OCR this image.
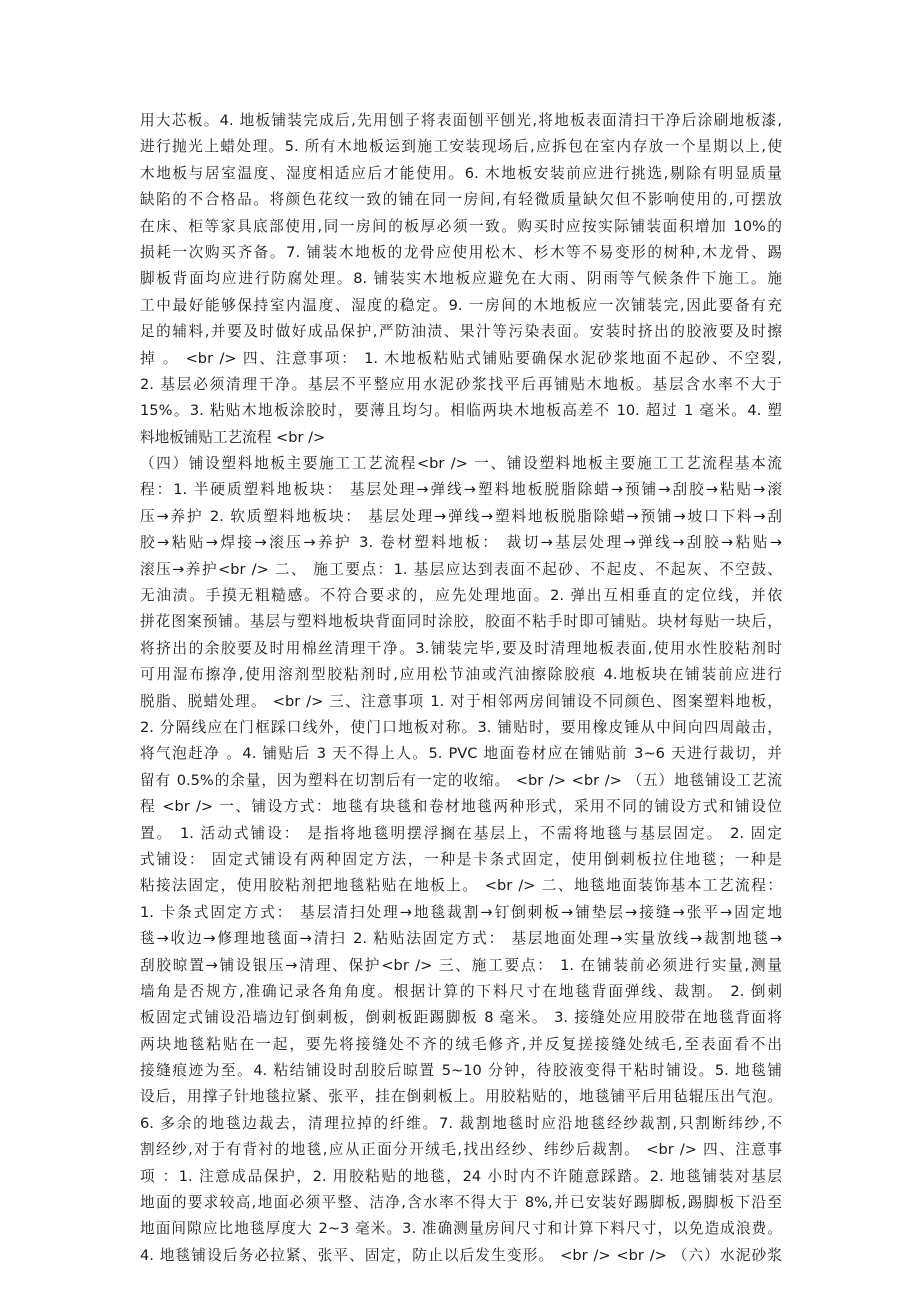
用大芯板。4. 地板铺装完成后,先用刨子将表面刨平刨光,将地板表面清扫干净后涂刷地板漆,
进行抛光上蜡处理。5. 所有木地板运到施工安装现场后,应拆包在室内存放一个星期以上,使
木地板与居室温度、湿度相适应后才能使用。6. 木地板安装前应进行挑选,剔除有明显质量
缺陷的不合格品。将颜色花纹一致的铺在同一房间,有轻微质量缺欠但不影响使用的,可摆放
在床、柜等家具底部使用,同一房间的板厚必须一致。购买时应按实际铺装面积增加 10%的
损耗一次购买齐备。7. 铺装木地板的龙骨应使用松木、杉木等不易变形的树种,木龙骨、踢
脚板背面均应进行防腐处理。8. 铺装实木地板应避免在大雨、阴雨等气候条件下施工。施
工中最好能够保持室内温度、湿度的稳定。9. 一房间的木地板应一次铺装完,因此要备有充
足的辅料,并要及时做好成品保护,严防油渍、果汁等污染表面。安装时挤出的胶液要及时擦
掉 。 <br /> 四、注意事项： 1. 木地板粘贴式铺贴要确保水泥砂浆地面不起砂、不空裂,
2. 基层必须清理干净。基层不平整应用水泥砂浆找平后再铺贴木地板。基层含水率不大于
15%。3. 粘贴木地板涂胶时，要薄且均匀。相临两块木地板高差不 10. 超过 1 毫米。4. 塑
料地板铺贴工艺流程 <br />
（四）铺设塑料地板主要施工工艺流程<br /> 一、铺设塑料地板主要施工工艺流程基本流
程：1. 半硬质塑料地板块： 基层处理→弹线→塑料地板脱脂除蜡→预铺→刮胶→粘贴→滚
压→养护 2. 软质塑料地板块： 基层处理→弹线→塑料地板脱脂除蜡→预铺→坡口下料→刮
胶→粘贴→焊接→滚压→养护 3. 卷材塑料地板： 裁切→基层处理→弹线→刮胶→粘贴→
滚压→养护<br /> 二、 施工要点：1. 基层应达到表面不起砂、不起皮、不起灰、不空鼓、
无油渍。手摸无粗糙感。不符合要求的，应先处理地面。2. 弹出互相垂直的定位线，并依
拼花图案预铺。基层与塑料地板块背面同时涂胶，胶面不粘手时即可铺贴。块材每贴一块后，
将挤出的余胶要及时用棉丝清理干净。3.铺装完毕,要及时清理地板表面,使用水性胶粘剂时
可用湿布擦净,使用溶剂型胶粘剂时,应用松节油或汽油擦除胶痕 4.地板块在铺装前应进行
脱脂、脱蜡处理。 <br /> 三、注意事项 1. 对于相邻两房间铺设不同颜色、图案塑料地板，
2. 分隔线应在门框踩口线外，使门口地板对称。3. 铺贴时，要用橡皮锤从中间向四周敲击，
将气泡赶净 。4. 铺贴后 3 天不得上人。5. PVC 地面卷材应在铺贴前 3~6 天进行裁切，并
留有 0.5%的余量，因为塑料在切割后有一定的收缩。 <br /> <br /> （五）地毯铺设工艺流
程 <br /> 一、铺设方式：地毯有块毯和卷材地毯两种形式，采用不同的铺设方式和铺设位
置。 1. 活动式铺设： 是指将地毯明摆浮搁在基层上，不需将地毯与基层固定。 2. 固定
式铺设： 固定式铺设有两种固定方法，一种是卡条式固定，使用倒刺板拉住地毯；一种是
粘接法固定，使用胶粘剂把地毯粘贴在地板上。 <br /> 二、地毯地面装饰基本工艺流程：
1. 卡条式固定方式： 基层清扫处理→地毯裁割→钉倒刺板→铺垫层→接缝→张平→固定地
毯→收边→修理地毯面→清扫 2. 粘贴法固定方式： 基层地面处理→实量放线→裁割地毯→
刮胶晾置→铺设银压→清理、保护<br /> 三、施工要点： 1. 在铺装前必须进行实量,测量
墙角是否规方,准确记录各角角度。根据计算的下料尺寸在地毯背面弹线、裁割。 2. 倒刺
板固定式铺设沿墙边钉倒刺板，倒刺板距踢脚板 8 毫米。 3. 接缝处应用胶带在地毯背面将
两块地毯粘贴在一起，要先将接缝处不齐的绒毛修齐,并反复搓接缝处绒毛,至表面看不出
接缝痕迹为至。4. 粘结铺设时刮胶后晾置 5~10 分钟，待胶液变得干粘时铺设。5. 地毯铺
设后，用撑子针地毯拉紧、张平，挂在倒刺板上。用胶粘贴的，地毯铺平后用毡辊压出气泡。
6. 多余的地毯边裁去，清理拉掉的纤维。7. 裁割地毯时应沿地毯经纱裁割,只割断纬纱,不
割经纱,对于有背衬的地毯,应从正面分开绒毛,找出经纱、纬纱后裁割。 <br /> 四、注意事
项 ：1. 注意成品保护，2. 用胶粘贴的地毯，24 小时内不许随意踩踏。2. 地毯铺装对基层
地面的要求较高,地面必须平整、洁净,含水率不得大于 8%,并已安装好踢脚板,踢脚板下沿至
地面间隙应比地毯厚度大 2~3 毫米。3. 准确测量房间尺寸和计算下料尺寸，以免造成浪费。
4. 地毯铺设后务必拉紧、张平、固定，防止以后发生变形。 <br /> <br /> （六）水泥砂浆
